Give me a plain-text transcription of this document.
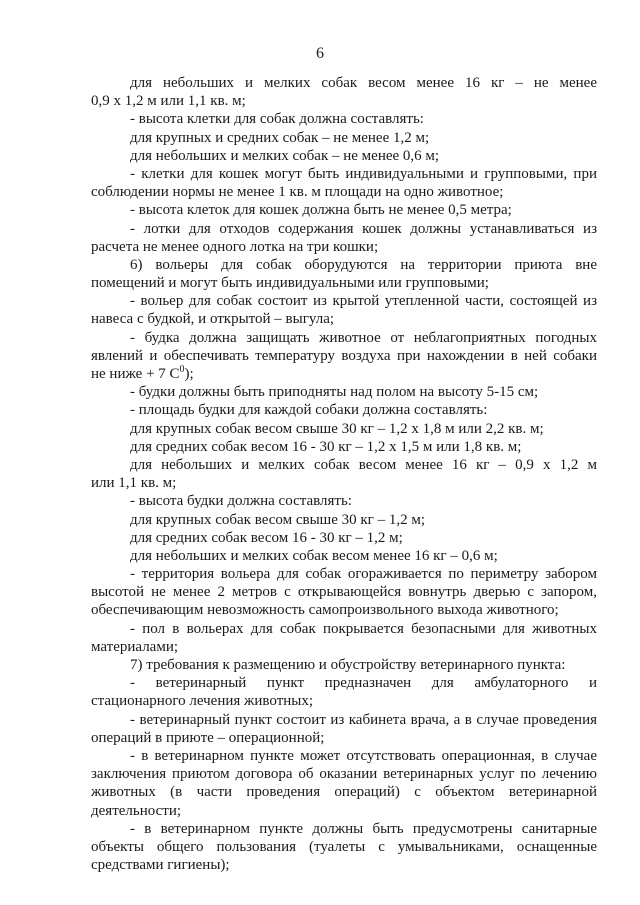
6
для небольших и мелких собак весом менее 16 кг – не менее
0,9 х 1,2 м или 1,1 кв. м;
- высота клетки для собак должна составлять:
для крупных и средних собак – не менее 1,2 м;
для небольших и мелких собак – не менее 0,6 м;
- клетки для кошек могут быть индивидуальными и групповыми, при
соблюдении нормы не менее 1 кв. м площади на одно животное;
- высота клеток для кошек должна быть не менее 0,5 метра;
- лотки для отходов содержания кошек должны устанавливаться из
расчета не менее одного лотка на три кошки;
6) вольеры для собак оборудуются на территории приюта вне
помещений и могут быть индивидуальными или групповыми;
- вольер для собак состоит из крытой утепленной части, состоящей из
навеса с будкой, и открытой – выгула;
- будка должна защищать животное от неблагоприятных погодных
явлений и обеспечивать температуру воздуха при нахождении в ней собаки
не ниже + 7 $С^0$);
- будки должны быть приподняты над полом на высоту 5-15 см;
- площадь будки для каждой собаки должна составлять:
для крупных собак весом свыше 30 кг – 1,2 х 1,8 м или 2,2 кв. м;
для средних собак весом 16 - 30 кг – 1,2 х 1,5 м или 1,8 кв. м;
для небольших и мелких собак весом менее 16 кг – 0,9 х 1,2 м
или 1,1 кв. м;
- высота будки должна составлять:
для крупных собак весом свыше 30 кг – 1,2 м;
для средних собак весом 16 - 30 кг – 1,2 м;
для небольших и мелких собак весом менее 16 кг – 0,6 м;
- территория вольера для собак огораживается по периметру забором
высотой не менее 2 метров с открывающейся вовнутрь дверью с запором,
обеспечивающим невозможность самопроизвольного выхода животного;
- пол в вольерах для собак покрывается безопасными для животных
материалами;
7) требования к размещению и обустройству ветеринарного пункта:
- ветеринарный пункт предназначен для амбулаторного и
стационарного лечения животных;
- ветеринарный пункт состоит из кабинета врача, а в случае проведения
операций в приюте – операционной;
- в ветеринарном пункте может отсутствовать операционная, в случае
заключения приютом договора об оказании ветеринарных услуг по лечению
животных (в части проведения операций) с объектом ветеринарной
деятельности;
- в ветеринарном пункте должны быть предусмотрены санитарные
объекты общего пользования (туалеты с умывальниками, оснащенные
средствами гигиены);
